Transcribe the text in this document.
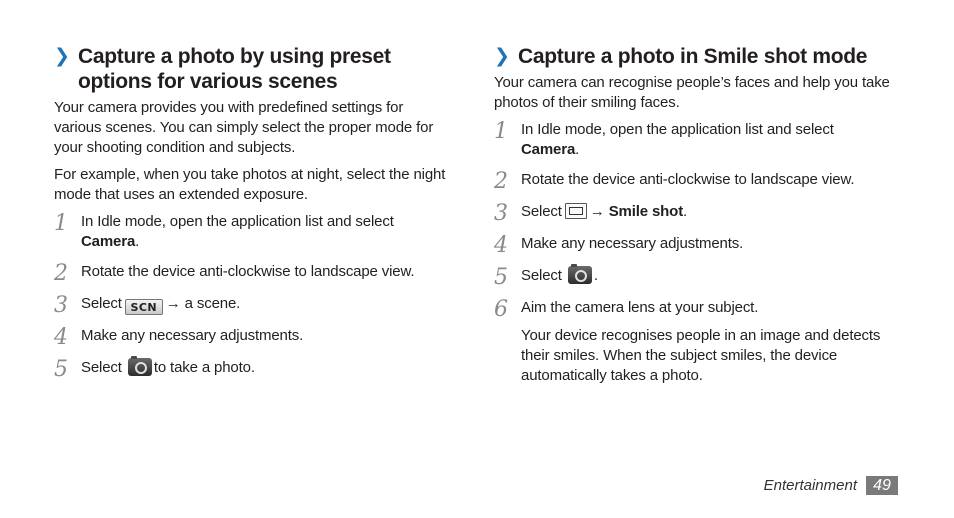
❯ Capture a photo by using preset options for various scenes

Your camera provides you with predefined settings for various scenes. You can simply select the proper mode for your shooting condition and subjects.

For example, when you take photos at night, select the night mode that uses an extended exposure.

1 In Idle mode, open the application list and select
Camera.
2 Rotate the device anti-clockwise to landscape view.
3 Select SCN → a scene.
4 Make any necessary adjustments.
5 Select to take a photo.
❯ Capture a photo in Smile shot mode

Your camera can recognise people’s faces and help you take photos of their smiling faces.

1 In Idle mode, open the application list and select
Camera.
2 Rotate the device anti-clockwise to landscape view.
3 Select → Smile shot.
4 Make any necessary adjustments.
5 Select .
6 Aim the camera lens at your subject.

Your device recognises people in an image and detects their smiles. When the subject smiles, the device automatically takes a photo.

Entertainment	49
